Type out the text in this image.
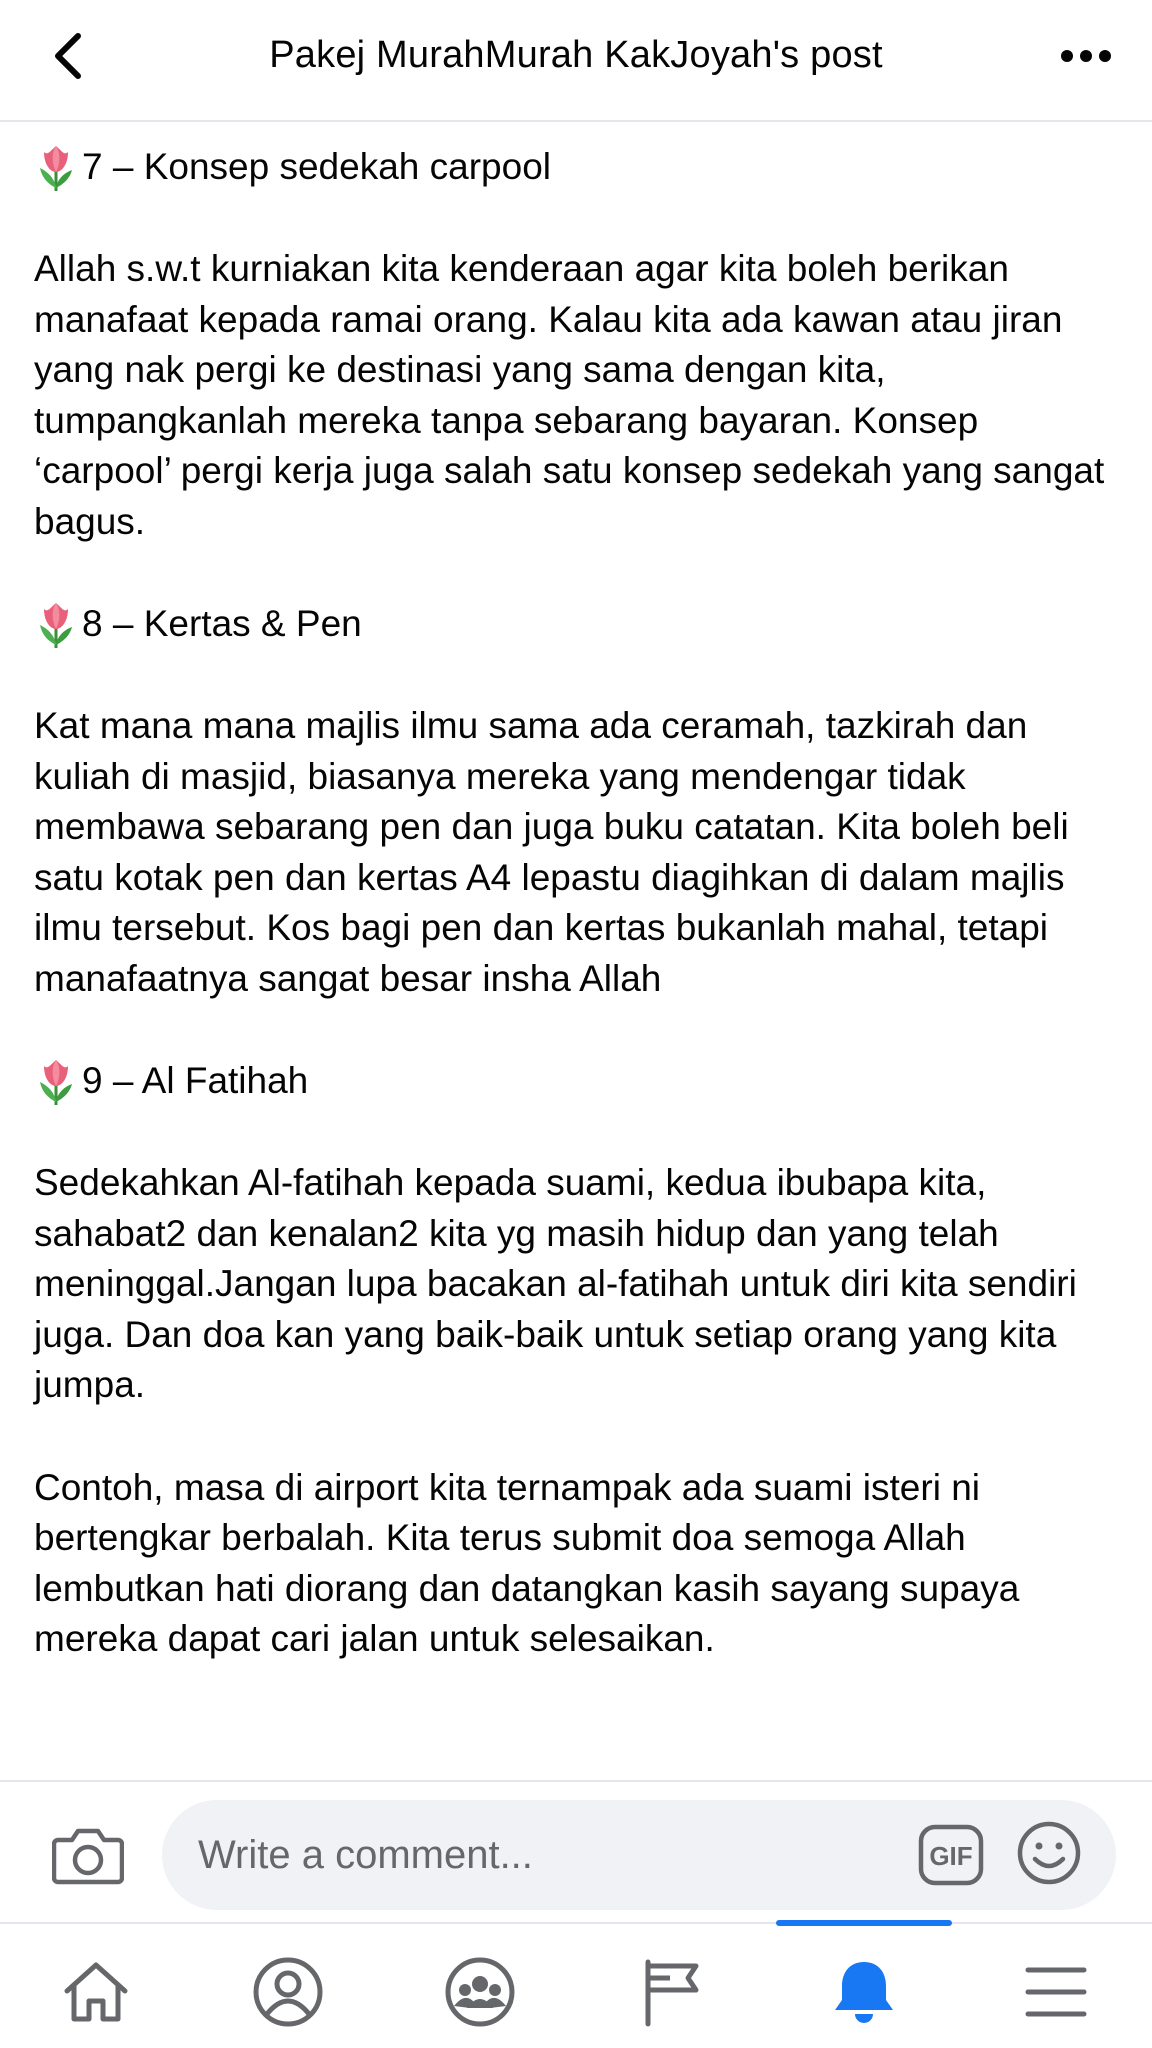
Pakej MurahMurah KakJoyah's post
7 – Konsep sedekah carpool

Allah s.w.t kurniakan kita kenderaan agar kita boleh berikan manafaat kepada ramai orang. Kalau kita ada kawan atau jiran yang nak pergi ke destinasi yang sama dengan kita, tumpangkanlah mereka tanpa sebarang bayaran. Konsep ‘carpool’ pergi kerja juga salah satu konsep sedekah yang sangat bagus.

8 – Kertas & Pen

Kat mana mana majlis ilmu sama ada ceramah, tazkirah dan kuliah di masjid, biasanya mereka yang mendengar tidak membawa sebarang pen dan juga buku catatan. Kita boleh beli satu kotak pen dan kertas A4 lepastu diagihkan di dalam majlis ilmu tersebut. Kos bagi pen dan kertas bukanlah mahal, tetapi manafaatnya sangat besar insha Allah

9 – Al Fatihah

Sedekahkan Al-fatihah kepada suami, kedua ibubapa kita, sahabat2 dan kenalan2 kita yg masih hidup dan yang telah meninggal.Jangan lupa bacakan al-fatihah untuk diri kita sendiri juga. Dan doa kan yang baik-baik untuk setiap orang yang kita jumpa.

Contoh, masa di airport kita ternampak ada suami isteri ni bertengkar berbalah. Kita terus submit doa semoga Allah lembutkan hati diorang dan datangkan kasih sayang supaya mereka dapat cari jalan untuk selesaikan.

Write a comment...	GIF
